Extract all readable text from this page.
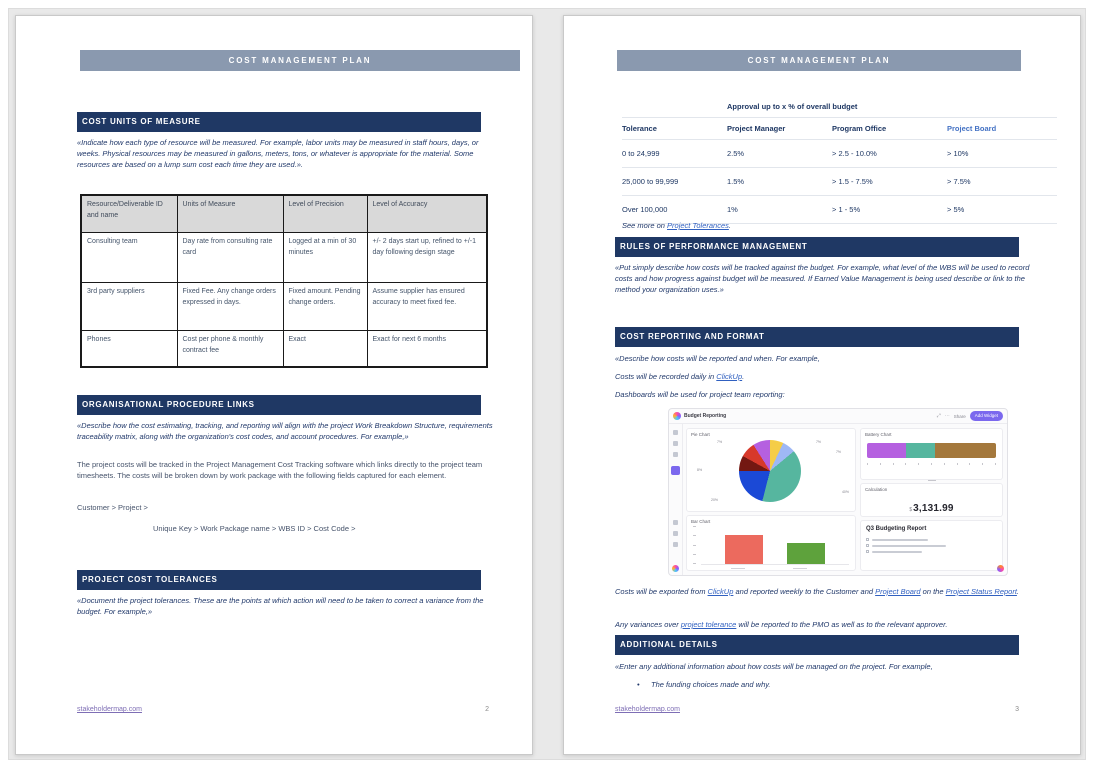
COST MANAGEMENT PLAN
COST UNITS OF MEASURE
«Indicate how each type of resource will be measured. For example, labor units may be measured in staff hours, days, or weeks. Physical resources may be measured in gallons, meters, tons, or whatever is appropriate for the material. Some resources are based on a lump sum cost each time they are used.».
Resource/Deliverable ID and name	Units of Measure	Level of Precision	Level of Accuracy
Consulting team	Day rate from consulting rate card	Logged at a min of 30 minutes	+/- 2 days start up, refined to +/-1 day following design stage
3rd party suppliers	Fixed Fee. Any change orders expressed in days.	Fixed amount. Pending change orders.	Assume supplier has ensured accuracy to meet fixed fee.
Phones	Cost per phone & monthly contract fee	Exact	Exact for next 6 months
ORGANISATIONAL PROCEDURE LINKS
«Describe how the cost estimating, tracking, and reporting will align with the project Work Breakdown Structure, requirements traceability matrix, along with the organization's cost codes, and account procedures. For example,»
The project costs will be tracked in the Project Management Cost Tracking software which links directly to the project team timesheets. The costs will be broken down by work package with the following fields captured for each element.
Customer > Project >
Unique Key > Work Package name > WBS ID > Cost Code >
PROJECT COST TOLERANCES
«Document the project tolerances. These are the points at which action will need to be taken to correct a variance from the budget. For example,»
stakeholdermap.com	2
COST MANAGEMENT PLAN
Approval up to x % of overall budget
Tolerance	Project Manager	Program Office	Project Board
0 to 24,999	2.5%	> 2.5 - 10.0%	> 10%
25,000 to 99,999	1.5%	> 1.5 - 7.5%	> 7.5%
Over 100,000	1%	> 1 - 5%	> 5%
See more on Project Tolerances.
RULES OF PERFORMANCE MANAGEMENT
«Put simply describe how costs will be tracked against the budget. For example, what level of the WBS will be used to record costs and how progress against budget will be measured. If Earned Value Management is being used describe or link to the method your organization uses.»
COST REPORTING AND FORMAT
«Describe how costs will be reported and when. For example,
Costs will be recorded daily in ClickUp.
Dashboards will be used for project team reporting:
Budget Reporting	⤢ ⋯ Share	Add Widget
Pie Chart
7%	7%
7%
40%
20%
8%
Bar Chart
Battery Chart
Calculation
$3,131.99
Q3 Budgeting Report
Costs will be exported from ClickUp and reported weekly to the Customer and Project Board on the Project Status Report.
Any variances over project tolerance will be reported to the PMO as well as to the relevant approver.
ADDITIONAL DETAILS
«Enter any additional information about how costs will be managed on the project. For example,
• The funding choices made and why.
stakeholdermap.com	3
